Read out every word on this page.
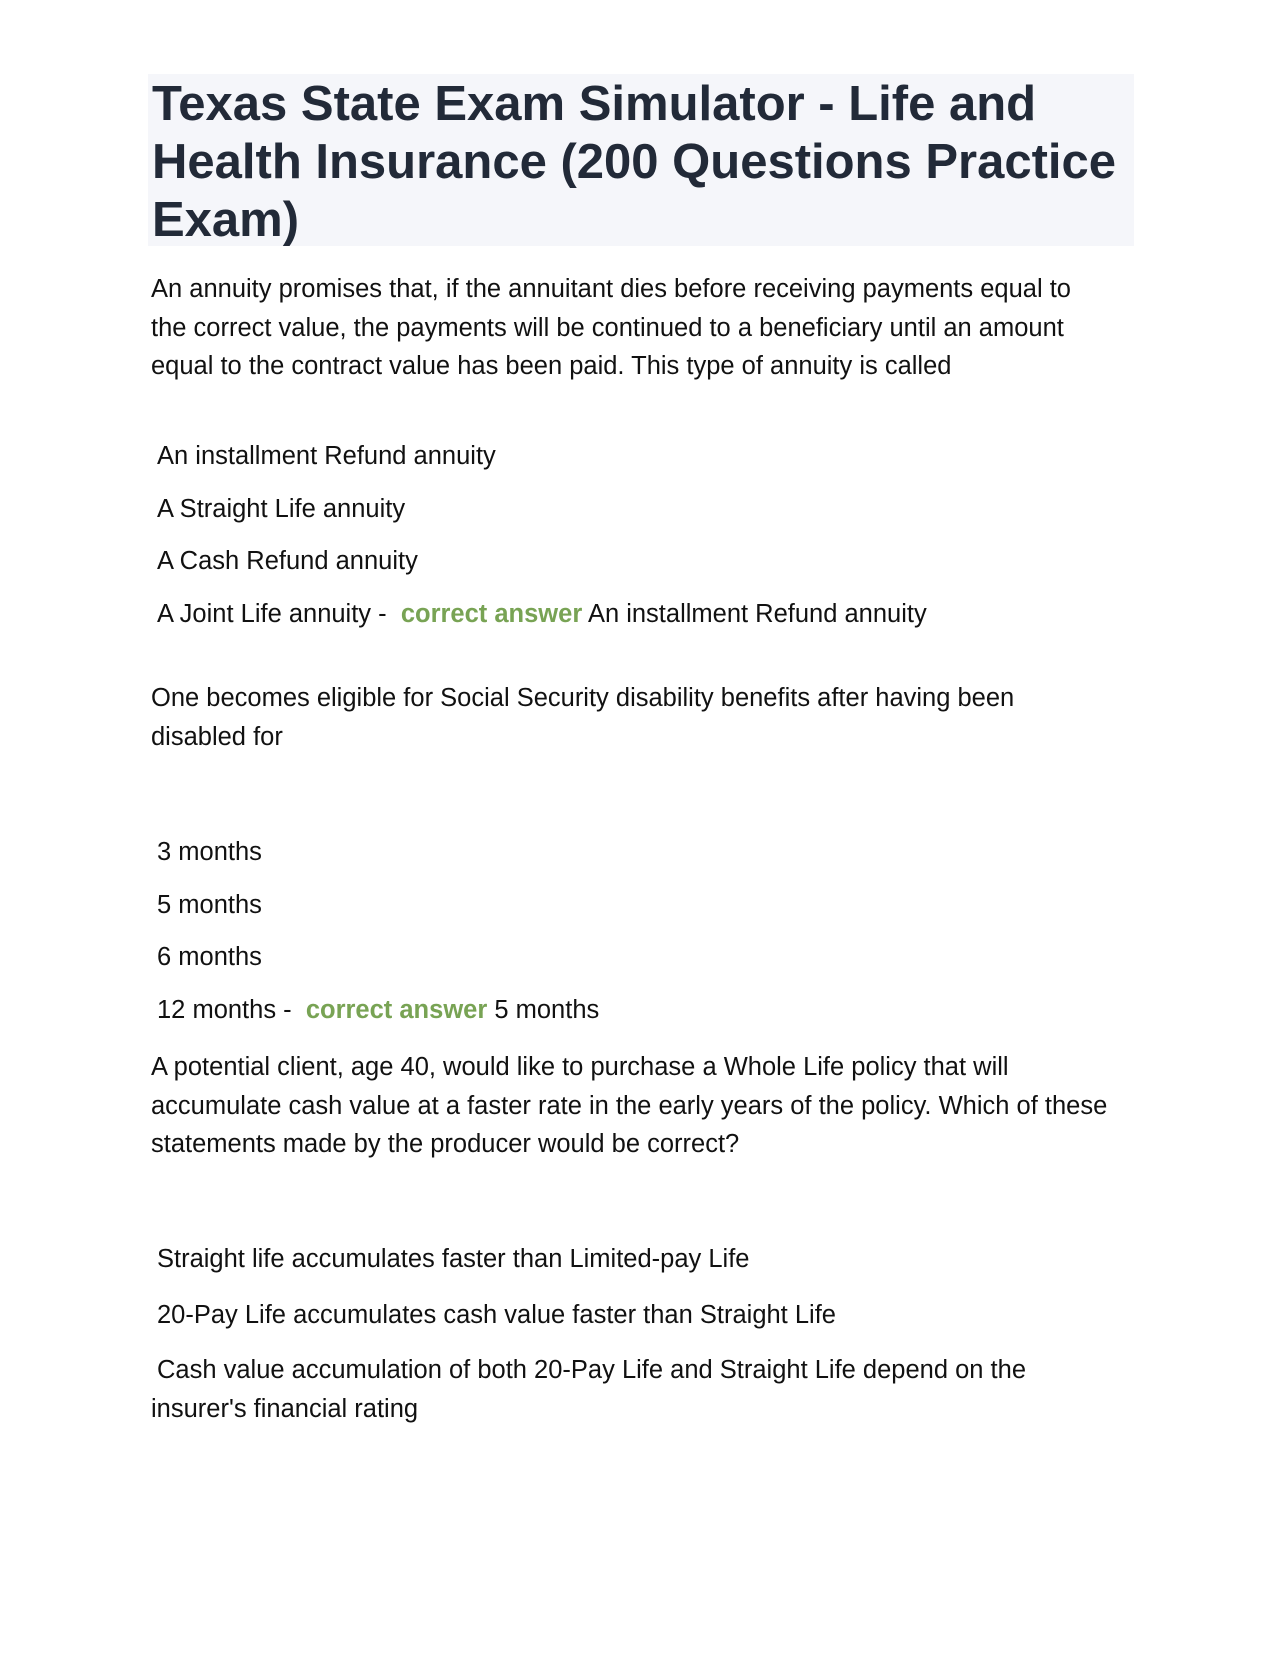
Texas State Exam Simulator - Life and Health Insurance (200 Questions Practice Exam)
An annuity promises that, if the annuitant dies before receiving payments equal to the correct value, the payments will be continued to a beneficiary until an amount equal to the contract value has been paid. This type of annuity is called
An installment Refund annuity
A Straight Life annuity
A Cash Refund annuity
A Joint Life annuity - correct answer An installment Refund annuity
One becomes eligible for Social Security disability benefits after having been disabled for
3 months
5 months
6 months
12 months - correct answer 5 months
A potential client, age 40, would like to purchase a Whole Life policy that will accumulate cash value at a faster rate in the early years of the policy. Which of these statements made by the producer would be correct?
Straight life accumulates faster than Limited-pay Life
20-Pay Life accumulates cash value faster than Straight Life
Cash value accumulation of both 20-Pay Life and Straight Life depend on the insurer's financial rating
